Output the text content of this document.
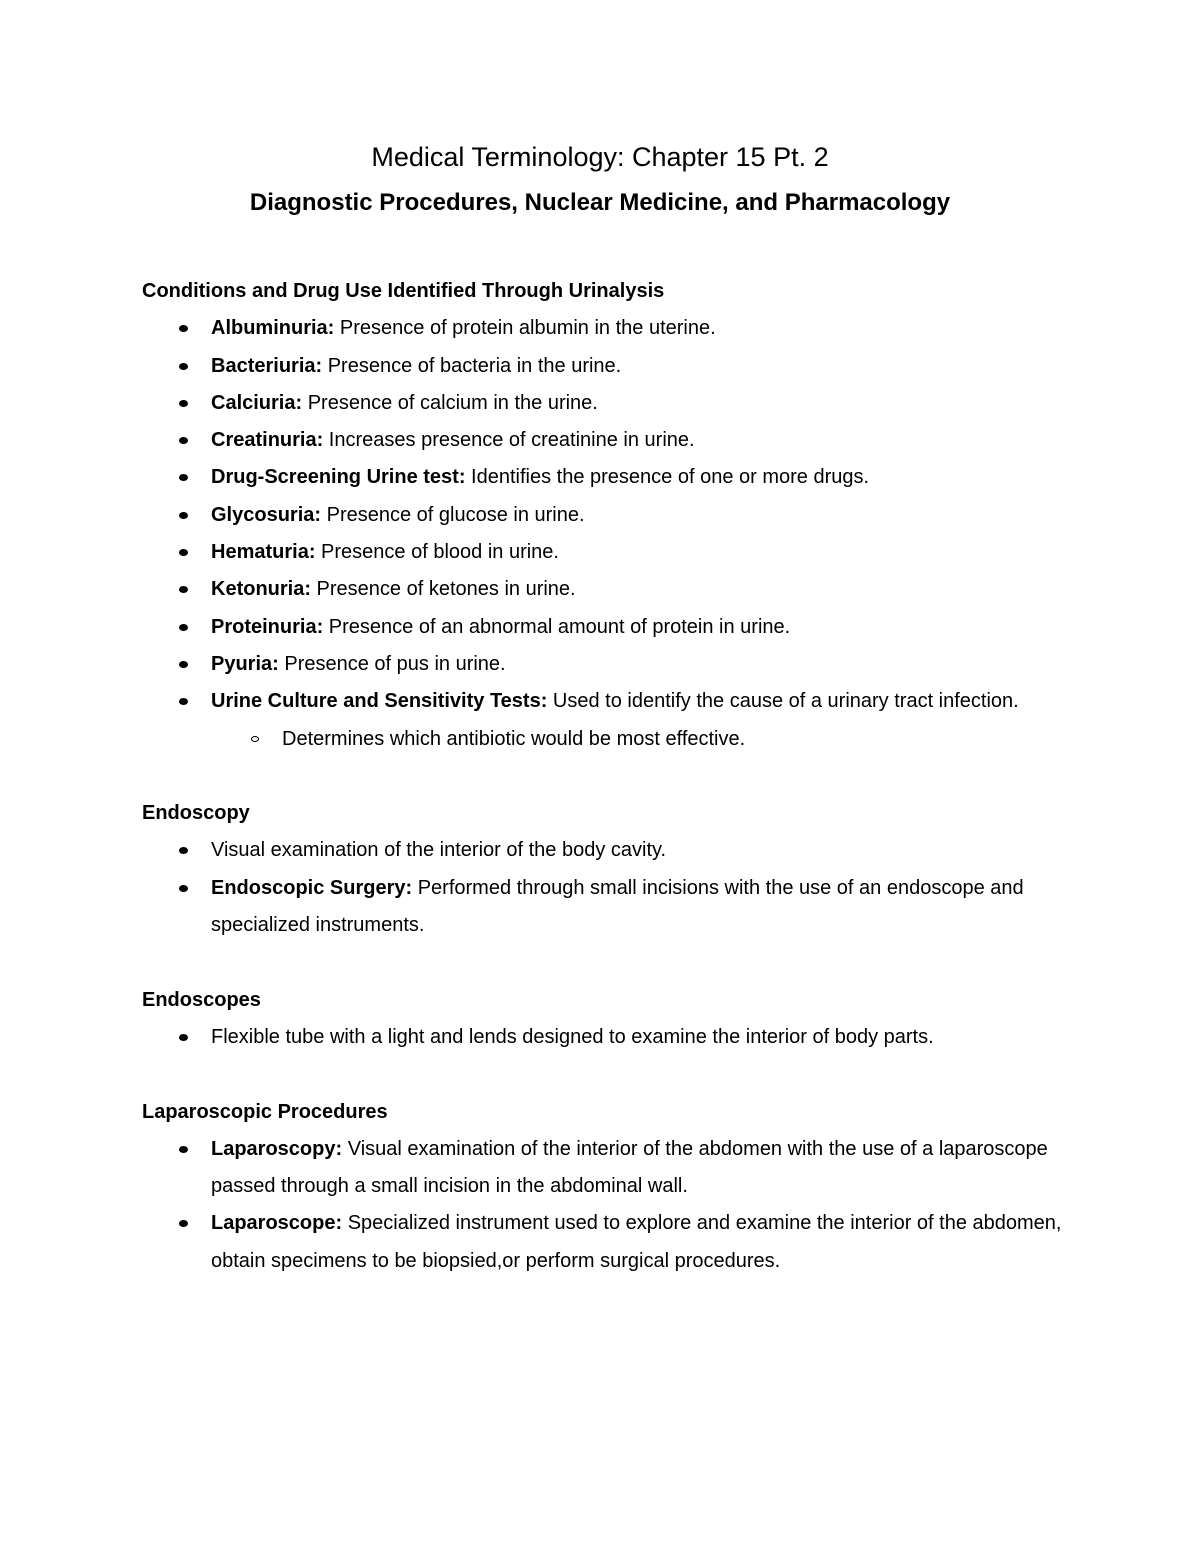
Medical Terminology: Chapter 15 Pt. 2
Diagnostic Procedures, Nuclear Medicine, and Pharmacology

Conditions and Drug Use Identified Through Urinalysis

Albuminuria: Presence of protein albumin in the uterine.
Bacteriuria: Presence of bacteria in the urine.
Calciuria: Presence of calcium in the urine.
Creatinuria: Increases presence of creatinine in urine.
Drug-Screening Urine test: Identifies the presence of one or more drugs.
Glycosuria: Presence of glucose in urine.
Hematuria: Presence of blood in urine.
Ketonuria: Presence of ketones in urine.
Proteinuria: Presence of an abnormal amount of protein in urine.
Pyuria: Presence of pus in urine.
Urine Culture and Sensitivity Tests: Used to identify the cause of a urinary tract infection.
Determines which antibiotic would be most effective.

Endoscopy

Visual examination of the interior of the body cavity.
Endoscopic Surgery: Performed through small incisions with the use of an endoscope and specialized instruments.

Endoscopes

Flexible tube with a light and lends designed to examine the interior of body parts.

Laparoscopic Procedures

Laparoscopy: Visual examination of the interior of the abdomen with the use of a laparoscope passed through a small incision in the abdominal wall.
Laparoscope: Specialized instrument used to explore and examine the interior of the abdomen, obtain specimens to be biopsied,or perform surgical procedures.
